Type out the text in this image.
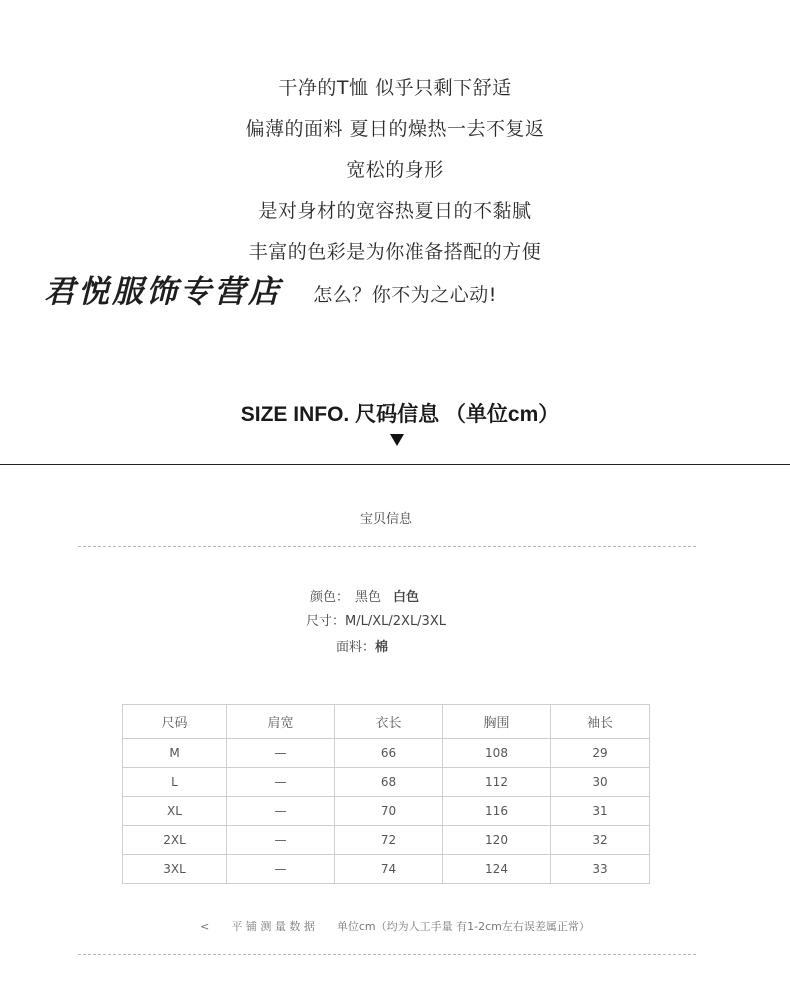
干净的T恤 似乎只剩下舒适
偏薄的面料 夏日的燥热一去不复返
宽松的身形
是对身材的宽容热夏日的不黏腻
丰富的色彩是为你准备搭配的方便
怎么？你不为之心动!
君悦服饰专营店
SIZE INFO. 尺码信息 （单位cm）
宝贝信息
颜色： 黑色 白色
尺寸：M/L/XL/2XL/3XL
面料：棉
尺码	肩宽	衣长	胸围	袖长
M	—	66	108	29
L	—	68	112	30
XL	—	70	116	31
2XL	—	72	120	32
3XL	—	74	124	33
< 平 铺 测 量 数 据 单位cm（均为人工手量 有1-2cm左右误差属正常）
